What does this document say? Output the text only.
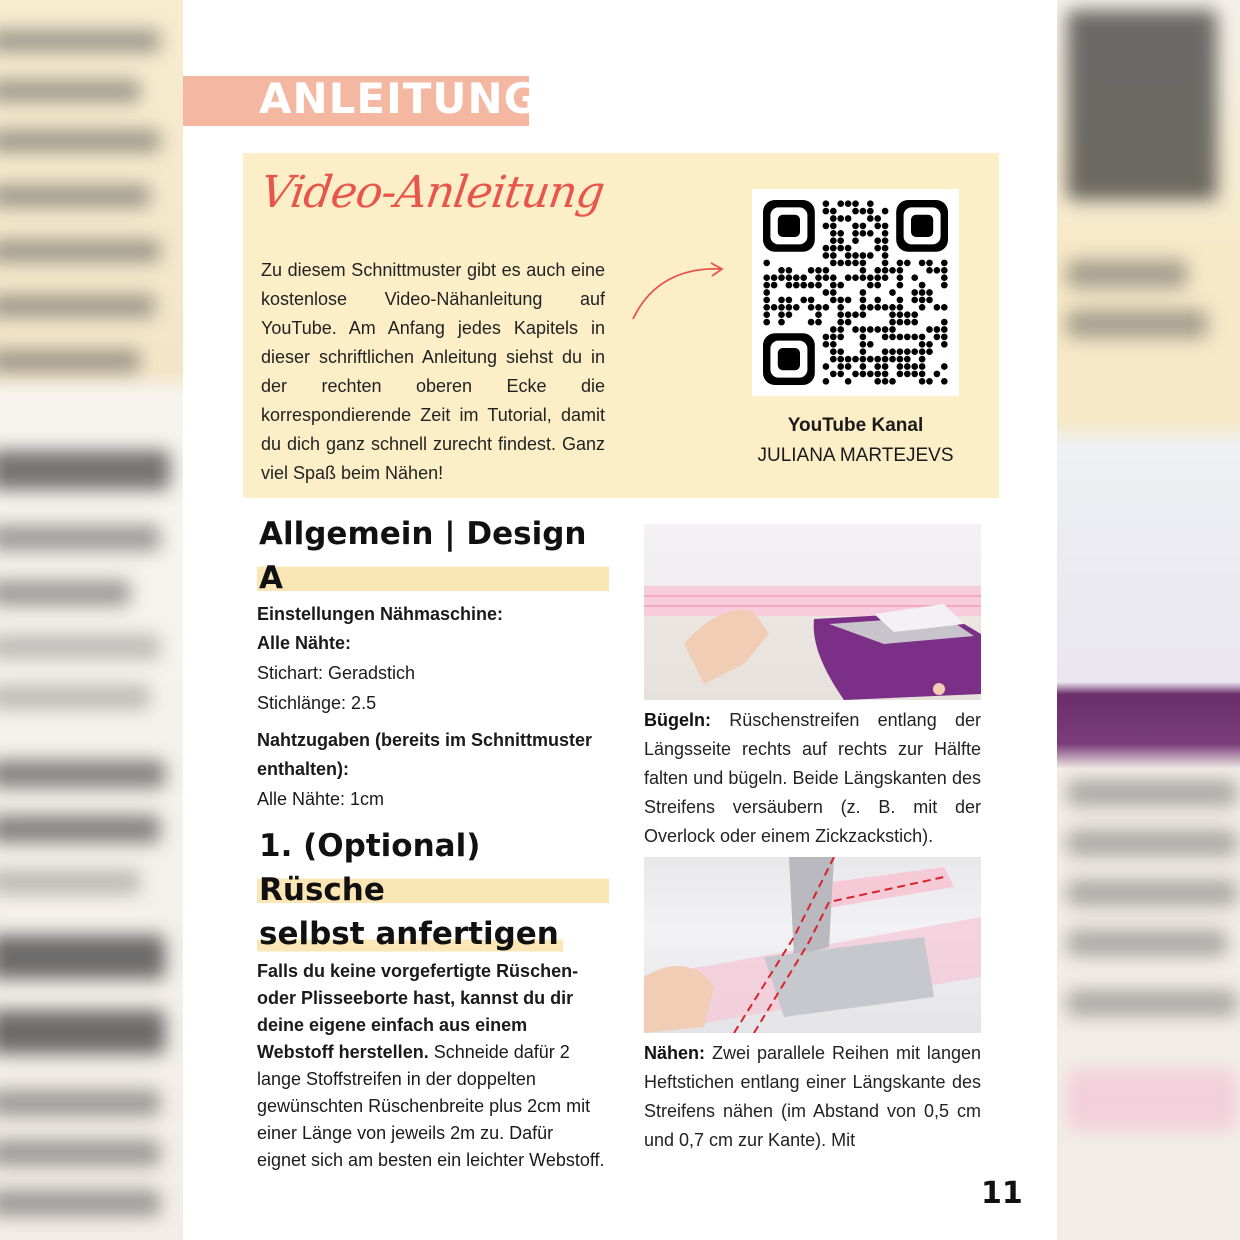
ANLEITUNG
Video-Anleitung
Zu diesem Schnittmuster gibt es auch eine kostenlose Video-Nähanleitung auf YouTube. Am Anfang jedes Kapitels in dieser schriftlichen Anleitung siehst du in der rechten oberen Ecke die korrespondierende Zeit im Tutorial, damit du dich ganz schnell zurecht findest. Ganz viel Spaß beim Nähen!
YouTube Kanal
JULIANA MARTEJEVS
Allgemein | Design A
Einstellungen Nähmaschine:
Alle Nähte:
Stichart: Geradstich
Stichlänge: 2.5
Nahtzugaben (bereits im Schnittmuster enthalten):
Alle Nähte: 1cm
1. (Optional) Rüsche
selbst anfertigen
Falls du keine vorgefertigte Rüschen- oder Plisseeborte hast, kannst du dir deine eigene einfach aus einem Webstoff herstellen. Schneide dafür 2 lange Stoffstreifen in der doppelten gewünschten Rüschenbreite plus 2cm mit einer Länge von jeweils 2m zu. Dafür eignet sich am besten ein leichter Webstoff.
Bügeln: Rüschenstreifen entlang der Längsseite rechts auf rechts zur Hälfte falten und bügeln. Beide Längskanten des Streifens versäubern (z. B. mit der Overlock oder einem Zickzackstich).
Nähen: Zwei parallele Reihen mit langen Heftstichen entlang einer Längskante des Streifens nähen (im Abstand von 0,5 cm und 0,7 cm zur Kante). Mit
11
